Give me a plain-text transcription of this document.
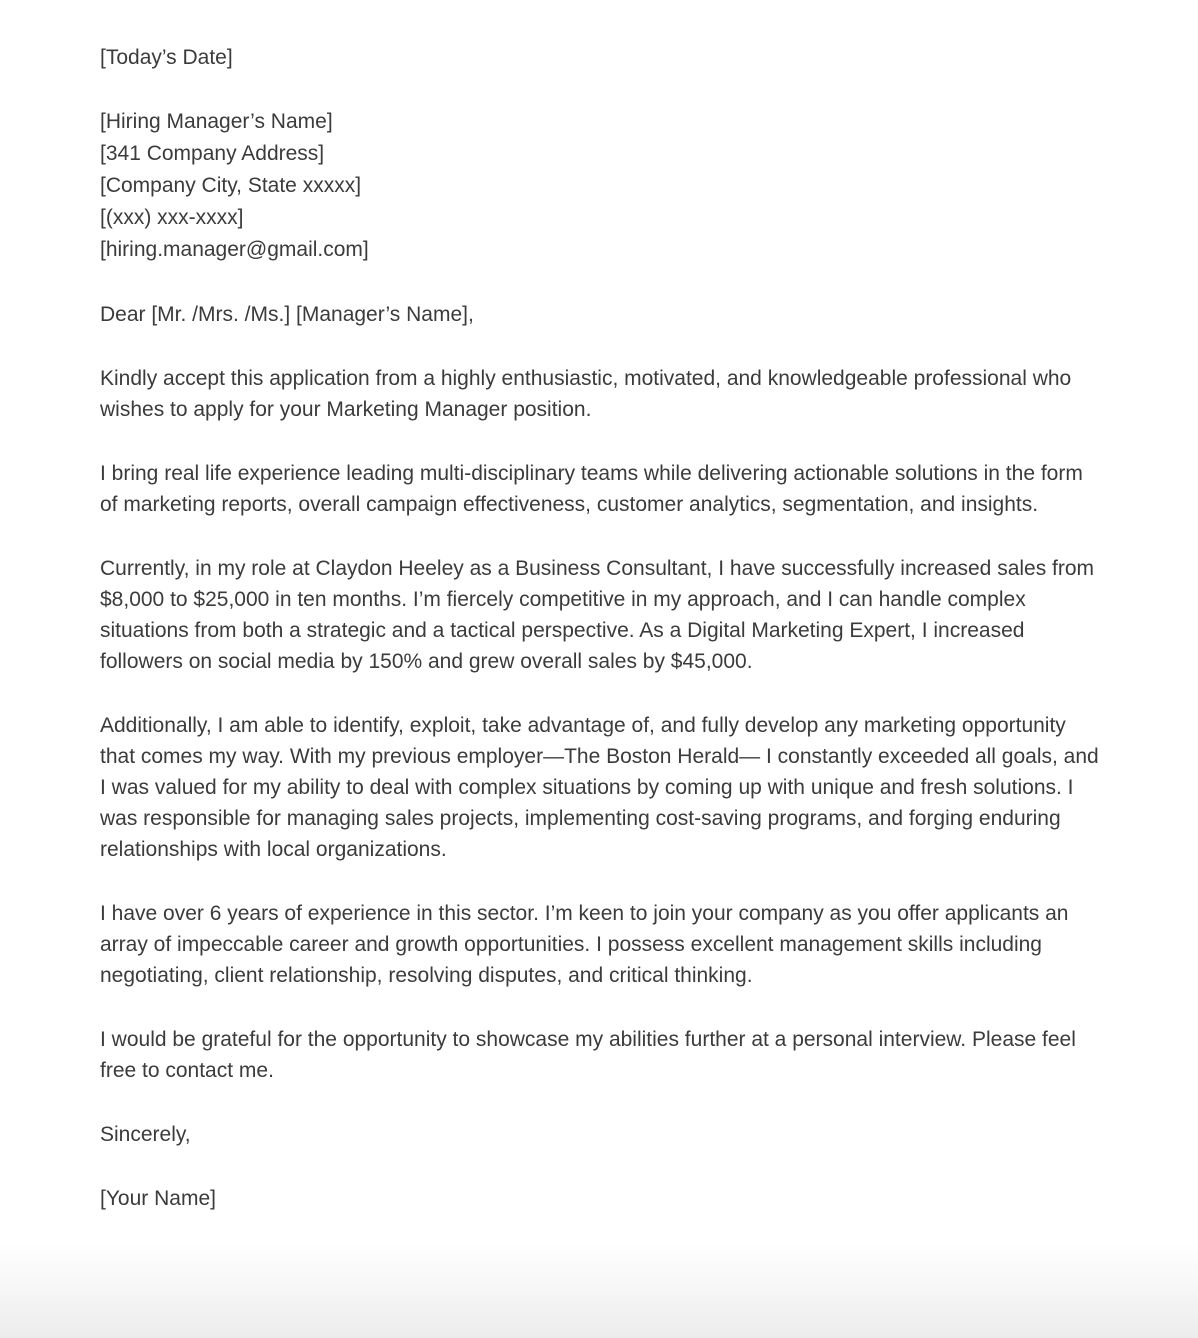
[Today’s Date]

[Hiring Manager’s Name]
[341 Company Address]
[Company City, State xxxxx]
[(xxx) xxx-xxxx]
[hiring.manager@gmail.com]

Dear [Mr. /Mrs. /Ms.] [Manager’s Name],

Kindly accept this application from a highly enthusiastic, motivated, and knowledgeable professional who wishes to apply for your Marketing Manager position.

I bring real life experience leading multi-disciplinary teams while delivering actionable solutions in the form of marketing reports, overall campaign effectiveness, customer analytics, segmentation, and insights.

Currently, in my role at Claydon Heeley as a Business Consultant, I have successfully increased sales from $8,000 to $25,000 in ten months. I’m fiercely competitive in my approach, and I can handle complex situations from both a strategic and a tactical perspective. As a Digital Marketing Expert, I increased followers on social media by 150% and grew overall sales by $45,000.

Additionally, I am able to identify, exploit, take advantage of, and fully develop any marketing opportunity that comes my way. With my previous employer—The Boston Herald— I constantly exceeded all goals, and I was valued for my ability to deal with complex situations by coming up with unique and fresh solutions. I was responsible for managing sales projects, implementing cost-saving programs, and forging enduring relationships with local organizations.

I have over 6 years of experience in this sector. I’m keen to join your company as you offer applicants an array of impeccable career and growth opportunities. I possess excellent management skills including negotiating, client relationship, resolving disputes, and critical thinking.

I would be grateful for the opportunity to showcase my abilities further at a personal interview. Please feel free to contact me.

Sincerely,

[Your Name]
